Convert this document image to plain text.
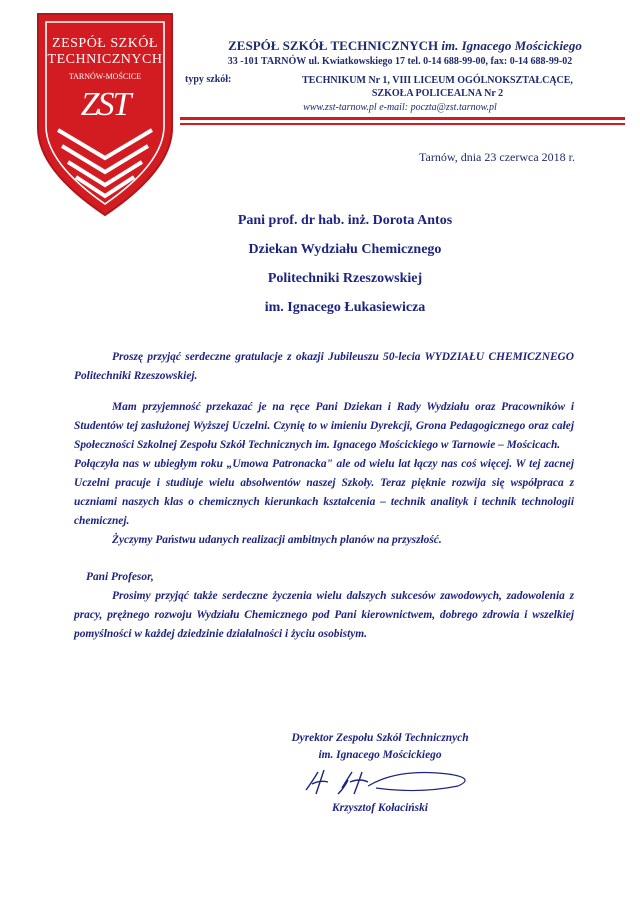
ZESPÓŁ SZKÓŁ
TECHNICZNYCH
TARNÓW-MOŚCICE
ZST
ZESPÓŁ SZKÓŁ TECHNICZNYCH im. Ignacego Mościckiego
33 -101 TARNÓW ul. Kwiatkowskiego 17 tel. 0-14 688-99-00, fax: 0-14 688-99-02
typy szkół:	TECHNIKUM Nr 1, VIII LICEUM OGÓLNOKSZTAŁCĄCE,
SZKOŁA POLICEALNA Nr 2
www.zst-tarnow.pl e-mail: poczta@zst.tarnow.pl
Tarnów, dnia 23 czerwca 2018 r.
Pani prof. dr hab. inż. Dorota Antos
Dziekan Wydziału Chemicznego
Politechniki Rzeszowskiej
im. Ignacego Łukasiewicza

Proszę przyjąć serdeczne gratulacje z okazji Jubileuszu 50-lecia WYDZIAŁU CHEMICZNEGO Politechniki Rzeszowskiej.

Mam przyjemność przekazać je na ręce Pani Dziekan i Rady Wydziału oraz Pracowników i Studentów tej zasłużonej Wyższej Uczelni. Czynię to w imieniu Dyrekcji, Grona Pedagogicznego oraz całej Społeczności Szkolnej Zespołu Szkół Technicznych im. Ignacego Mościckiego w Tarnowie – Mościcach.

Połączyła nas w ubiegłym roku „Umowa Patronacka" ale od wielu lat łączy nas coś więcej. W tej zacnej Uczelni pracuje i studiuje wielu absolwentów naszej Szkoły. Teraz pięknie rozwija się współpraca z uczniami naszych klas o chemicznych kierunkach kształcenia – technik analityk i technik technologii chemicznej.

Życzymy Państwu udanych realizacji ambitnych planów na przyszłość.

Pani Profesor,

Prosimy przyjąć także serdeczne życzenia wielu dalszych sukcesów zawodowych, zadowolenia z pracy, prężnego rozwoju Wydziału Chemicznego pod Pani kierownictwem, dobrego zdrowia i wszelkiej pomyślności w każdej dziedzinie działalności i życiu osobistym.

Dyrektor Zespołu Szkół Technicznych
im. Ignacego Mościckiego
Krzysztof Kołaciński
